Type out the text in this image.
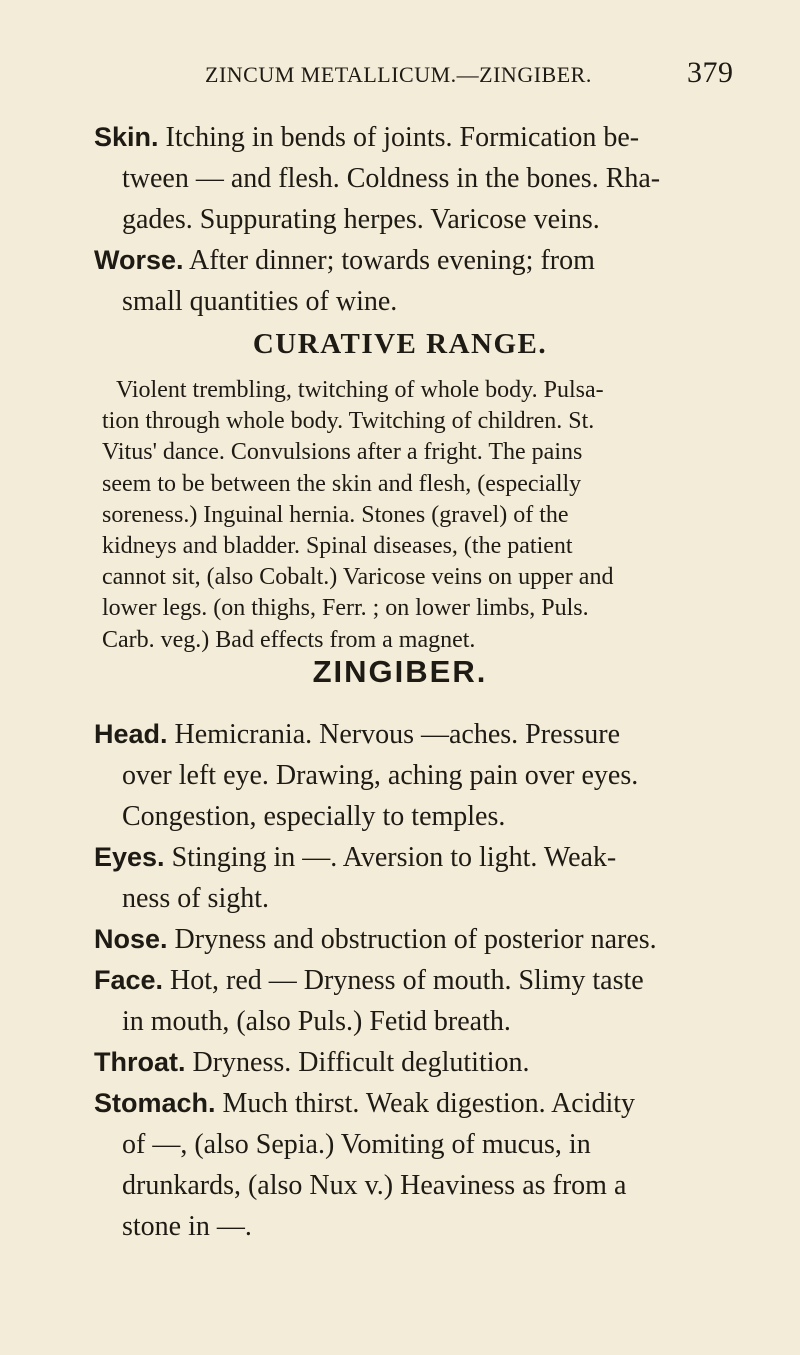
ZINCUM METALLICUM.—ZINGIBER.	379
Skin. Itching in bends of joints. Formication be-
tween — and flesh. Coldness in the bones. Rha-
gades. Suppurating herpes. Varicose veins.
Worse. After dinner; towards evening; from
small quantities of wine.
CURATIVE RANGE.
Violent trembling, twitching of whole body. Pulsa-
tion through whole body. Twitching of children. St.
Vitus' dance. Convulsions after a fright. The pains
seem to be between the skin and flesh, (especially
soreness.) Inguinal hernia. Stones (gravel) of the
kidneys and bladder. Spinal diseases, (the patient
cannot sit, (also Cobalt.) Varicose veins on upper and
lower legs. (on thighs, Ferr. ; on lower limbs, Puls.
Carb. veg.) Bad effects from a magnet.
ZINGIBER.
Head. Hemicrania. Nervous —aches. Pressure
over left eye. Drawing, aching pain over eyes.
Congestion, especially to temples.
Eyes. Stinging in —. Aversion to light. Weak-
ness of sight.
Nose. Dryness and obstruction of posterior nares.
Face. Hot, red — Dryness of mouth. Slimy taste
in mouth, (also Puls.) Fetid breath.
Throat. Dryness. Difficult deglutition.
Stomach. Much thirst. Weak digestion. Acidity
of —, (also Sepia.) Vomiting of mucus, in
drunkards, (also Nux v.) Heaviness as from a
stone in —.
